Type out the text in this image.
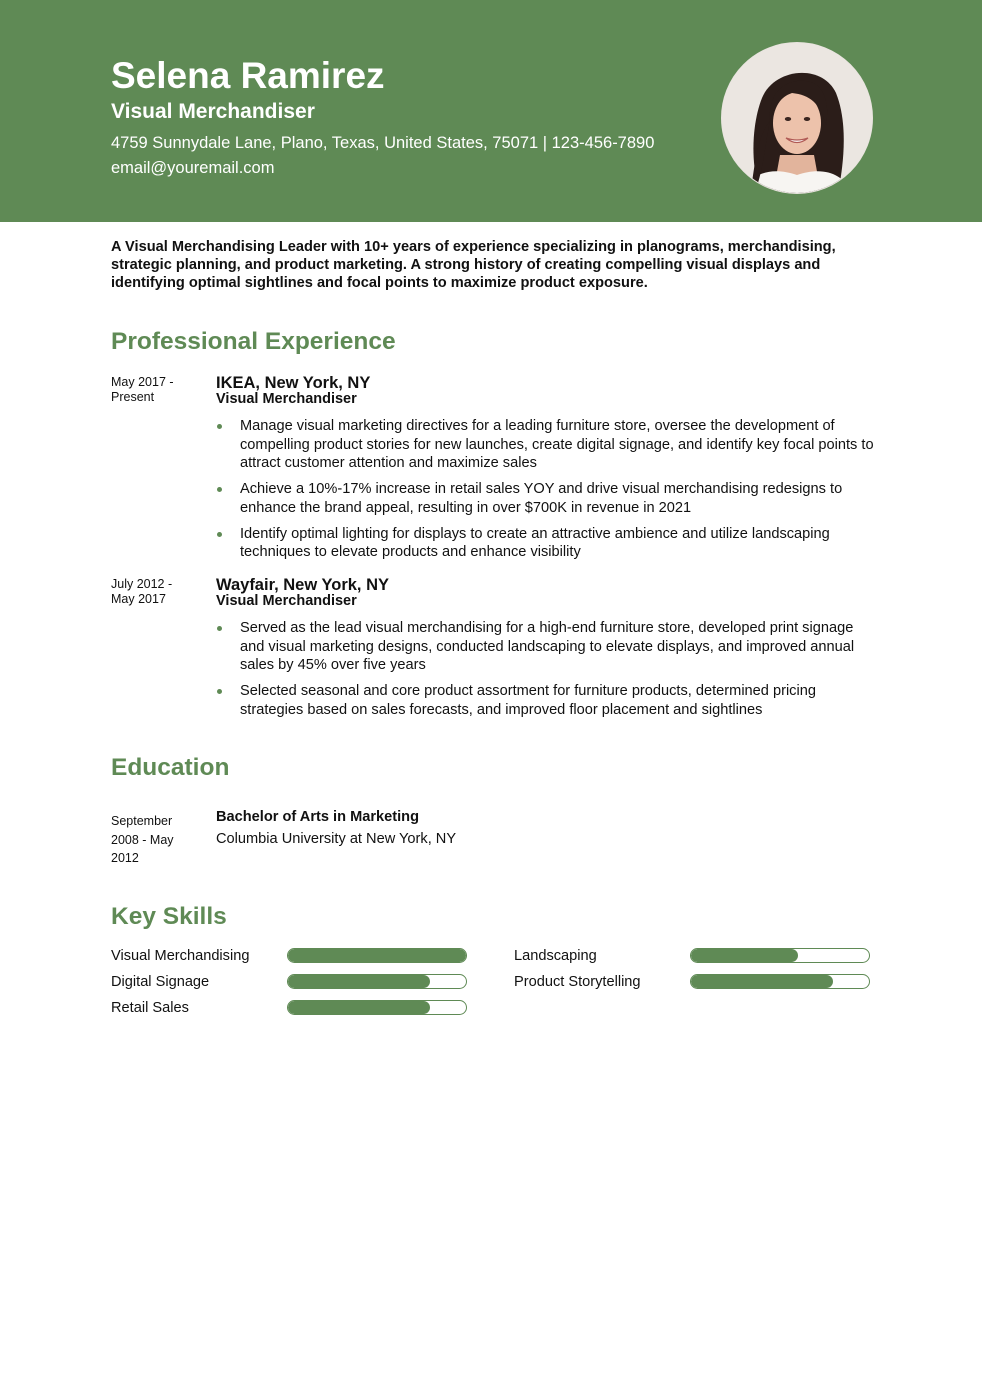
Selena Ramirez
Visual Merchandiser
4759 Sunnydale Lane, Plano, Texas, United States, 75071 | 123-456-7890
email@youremail.com
A Visual Merchandising Leader with 10+ years of experience specializing in planograms, merchandising, strategic planning, and product marketing. A strong history of creating compelling visual displays and identifying optimal sightlines and focal points to maximize product exposure.
Professional Experience
May 2017 -
Present
IKEA, New York, NY
Visual Merchandiser
Manage visual marketing directives for a leading furniture store, oversee the development of compelling product stories for new launches, create digital signage, and identify key focal points to attract customer attention and maximize sales
Achieve a 10%-17% increase in retail sales YOY and drive visual merchandising redesigns to enhance the brand appeal, resulting in over $700K in revenue in 2021
Identify optimal lighting for displays to create an attractive ambience and utilize landscaping techniques to elevate products and enhance visibility
July 2012 -
May 2017
Wayfair, New York, NY
Visual Merchandiser
Served as the lead visual merchandising for a high-end furniture store, developed print signage and visual marketing designs, conducted landscaping to elevate displays, and improved annual sales by 45% over five years
Selected seasonal and core product assortment for furniture products, determined pricing strategies based on sales forecasts, and improved floor placement and sightlines
Education
September 2008 - May 2012
Bachelor of Arts in Marketing
Columbia University at New York, NY
Key Skills
Visual Merchandising
Digital Signage
Retail Sales
Landscaping
Product Storytelling
